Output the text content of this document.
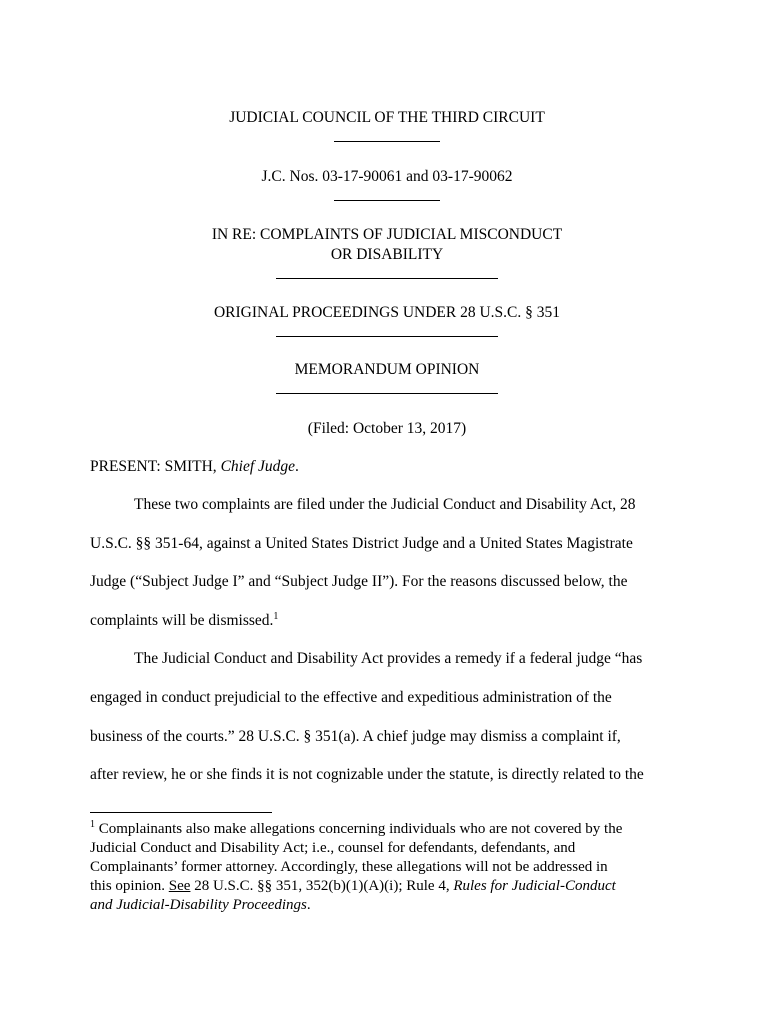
JUDICIAL COUNCIL OF THE THIRD CIRCUIT

J.C. Nos. 03-17-90061 and 03-17-90062

IN RE: COMPLAINTS OF JUDICIAL MISCONDUCT
OR DISABILITY

ORIGINAL PROCEEDINGS UNDER 28 U.S.C. § 351

MEMORANDUM OPINION

(Filed: October 13, 2017)
PRESENT: SMITH, Chief Judge.
These two complaints are filed under the Judicial Conduct and Disability Act, 28
U.S.C. §§ 351-64, against a United States District Judge and a United States Magistrate
Judge (“Subject Judge I” and “Subject Judge II”). For the reasons discussed below, the
complaints will be dismissed.$^1$
The Judicial Conduct and Disability Act provides a remedy if a federal judge “has
engaged in conduct prejudicial to the effective and expeditious administration of the
business of the courts.” 28 U.S.C. § 351(a). A chief judge may dismiss a complaint if,
after review, he or she finds it is not cognizable under the statute, is directly related to the
$^1$ Complainants also make allegations concerning individuals who are not covered by the
Judicial Conduct and Disability Act; i.e., counsel for defendants, defendants, and
Complainants’ former attorney. Accordingly, these allegations will not be addressed in
this opinion. See 28 U.S.C. §§ 351, 352(b)(1)(A)(i); Rule 4, Rules for Judicial-Conduct
and Judicial-Disability Proceedings.
